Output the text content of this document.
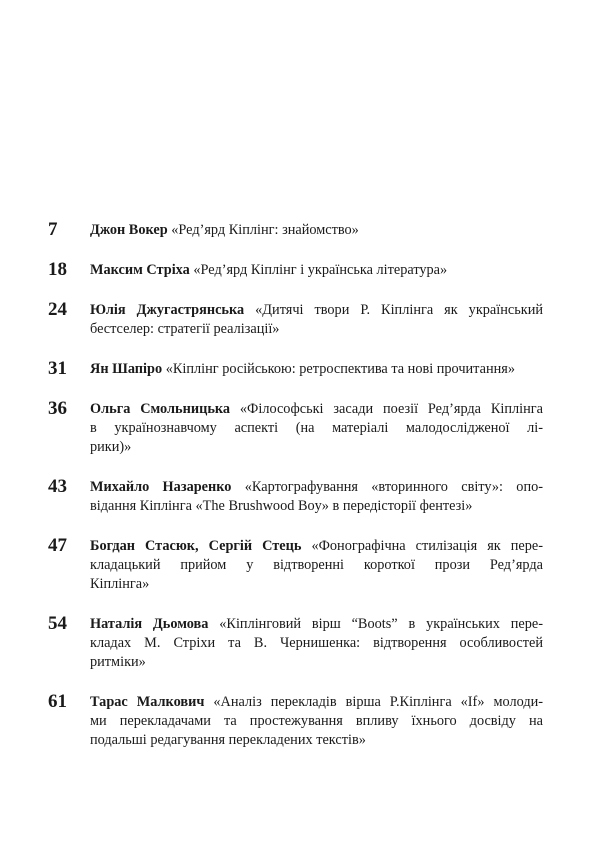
7	Джон Вокер «Ред’ярд Кіплінг: знайомство»
18	Максим Стріха «Ред’ярд Кіплінг і українська література»
24	Юлія Джугастрянська «Дитячі твори Р. Кіплінга як український
бестселер: стратегії реалізації»
31	Ян Шапіро «Кіплінг російською: ретроспектива та нові прочитання»
36	Ольга Смольницька «Філософські засади поезії Ред’ярда Кіплінга
в українознавчому аспекті (на матеріалі малодослідженої лі-
рики)»
43	Михайло Назаренко «Картографування «вторинного світу»: опо-
відання Кіплінга «The Brushwood Boy» в передісторії фентезі»
47	Богдан Стасюк, Сергій Стець «Фонографічна стилізація як пере-
кладацький прийом у відтворенні короткої прози Ред’ярда
Кіплінга»
54	Наталія Дьомова «Кіплінговий вірш “Boots” в українських пере-
кладах М. Стріхи та В. Чернишенка: відтворення особливостей
ритміки»
61	Тарас Малкович «Аналіз перекладів вірша Р.Кіплінга «If» молоди-
ми перекладачами та простежування впливу їхнього досвіду на
подальші редагування перекладених текстів»
